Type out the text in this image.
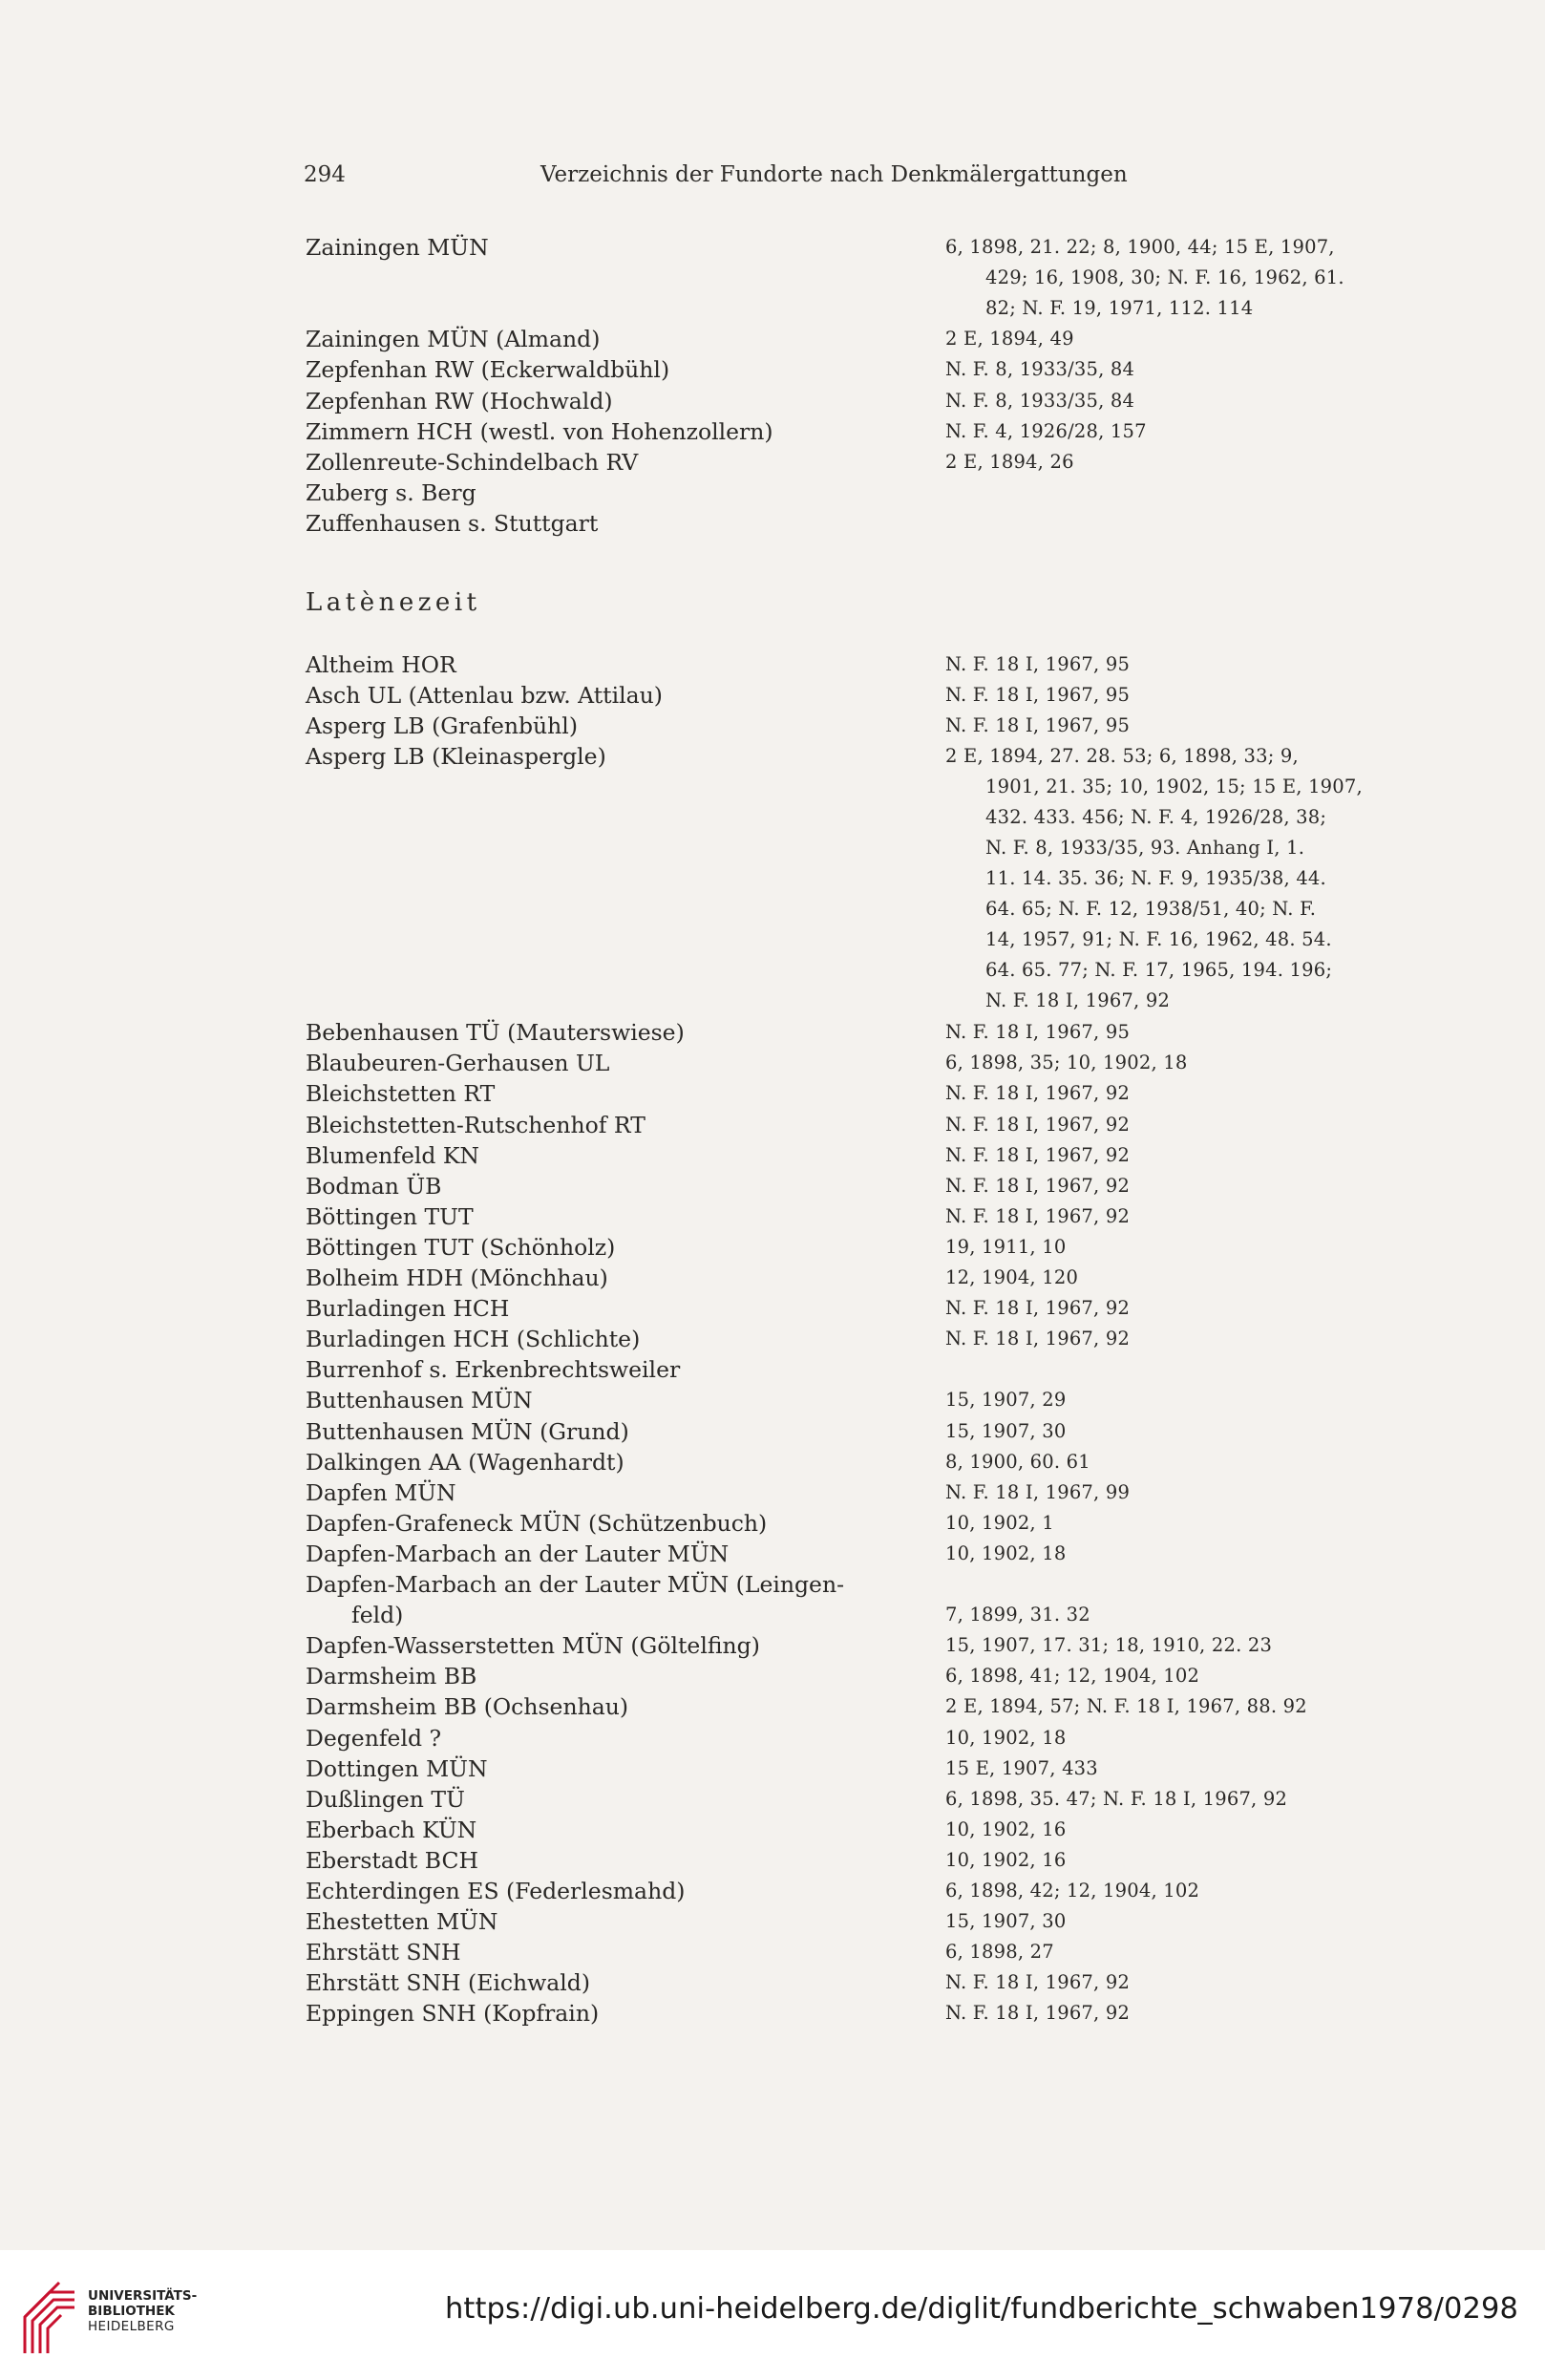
294	Verzeichnis der Fundorte nach Denkmälergattungen
Zainingen MÜN	6, 1898, 21. 22; 8, 1900, 44; 15 E, 1907,
429; 16, 1908, 30; N. F. 16, 1962, 61.
82; N. F. 19, 1971, 112. 114
Zainingen MÜN (Almand)	2 E, 1894, 49
Zepfenhan RW (Eckerwaldbühl)	N. F. 8, 1933/35, 84
Zepfenhan RW (Hochwald)	N. F. 8, 1933/35, 84
Zimmern HCH (westl. von Hohenzollern)	N. F. 4, 1926/28, 157
Zollenreute-Schindelbach RV	2 E, 1894, 26
Zuberg s. Berg
Zuffenhausen s. Stuttgart
Latènezeit
Altheim HOR	N. F. 18 I, 1967, 95
Asch UL (Attenlau bzw. Attilau)	N. F. 18 I, 1967, 95
Asperg LB (Grafenbühl)	N. F. 18 I, 1967, 95
Asperg LB (Kleinaspergle)	2 E, 1894, 27. 28. 53; 6, 1898, 33; 9,
1901, 21. 35; 10, 1902, 15; 15 E, 1907,
432. 433. 456; N. F. 4, 1926/28, 38;
N. F. 8, 1933/35, 93. Anhang I, 1.
11. 14. 35. 36; N. F. 9, 1935/38, 44.
64. 65; N. F. 12, 1938/51, 40; N. F.
14, 1957, 91; N. F. 16, 1962, 48. 54.
64. 65. 77; N. F. 17, 1965, 194. 196;
N. F. 18 I, 1967, 92
Bebenhausen TÜ (Mauterswiese)	N. F. 18 I, 1967, 95
Blaubeuren-Gerhausen UL	6, 1898, 35; 10, 1902, 18
Bleichstetten RT	N. F. 18 I, 1967, 92
Bleichstetten-Rutschenhof RT	N. F. 18 I, 1967, 92
Blumenfeld KN	N. F. 18 I, 1967, 92
Bodman ÜB	N. F. 18 I, 1967, 92
Böttingen TUT	N. F. 18 I, 1967, 92
Böttingen TUT (Schönholz)	19, 1911, 10
Bolheim HDH (Mönchhau)	12, 1904, 120
Burladingen HCH	N. F. 18 I, 1967, 92
Burladingen HCH (Schlichte)	N. F. 18 I, 1967, 92
Burrenhof s. Erkenbrechtsweiler
Buttenhausen MÜN	15, 1907, 29
Buttenhausen MÜN (Grund)	15, 1907, 30
Dalkingen AA (Wagenhardt)	8, 1900, 60. 61
Dapfen MÜN	N. F. 18 I, 1967, 99
Dapfen-Grafeneck MÜN (Schützenbuch)	10, 1902, 1
Dapfen-Marbach an der Lauter MÜN	10, 1902, 18
Dapfen-Marbach an der Lauter MÜN (Leingen-
feld)	7, 1899, 31. 32
Dapfen-Wasserstetten MÜN (Göltelfing)	15, 1907, 17. 31; 18, 1910, 22. 23
Darmsheim BB	6, 1898, 41; 12, 1904, 102
Darmsheim BB (Ochsenhau)	2 E, 1894, 57; N. F. 18 I, 1967, 88. 92
Degenfeld ?	10, 1902, 18
Dottingen MÜN	15 E, 1907, 433
Dußlingen TÜ	6, 1898, 35. 47; N. F. 18 I, 1967, 92
Eberbach KÜN	10, 1902, 16
Eberstadt BCH	10, 1902, 16
Echterdingen ES (Federlesmahd)	6, 1898, 42; 12, 1904, 102
Ehestetten MÜN	15, 1907, 30
Ehrstätt SNH	6, 1898, 27
Ehrstätt SNH (Eichwald)	N. F. 18 I, 1967, 92
Eppingen SNH (Kopfrain)	N. F. 18 I, 1967, 92
UNIVERSITÄTS-
BIBLIOTHEK
HEIDELBERG
https://digi.ub.uni-heidelberg.de/diglit/fundberichte_schwaben1978/0298
